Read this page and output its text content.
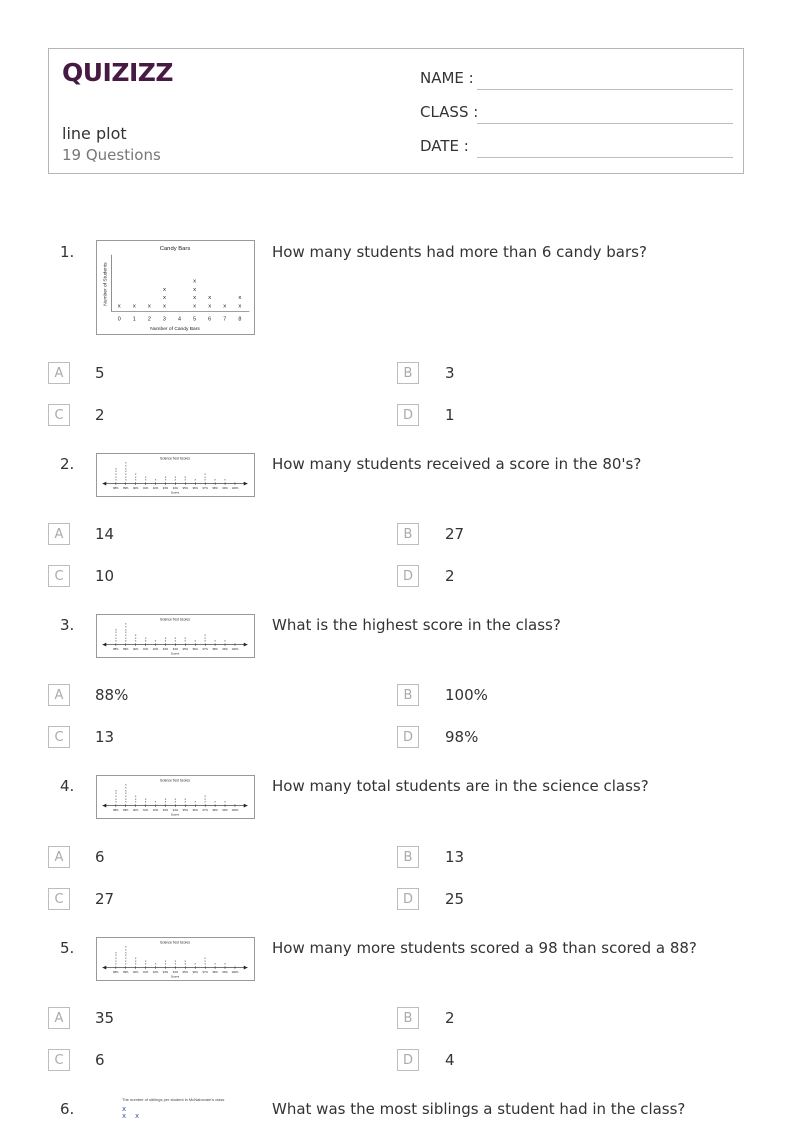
QUIZIZZ
line plot
19 Questions
NAME :
CLASS :
DATE :
1.	How many students had more than 6 candy bars?
Candy Bars
Number of Students
0
x
1
x
2
x
3
x
x
x
4 5
x
x
x
x
6
x
x
7
x
8
x
x
Number of Candy Bars
A	5	B	3
C	2	D	1
2.	How many students received a score in the 80's?
Science Test Scores
88%
x
x
x
x
x
89%
x
x
x
x
x
x
x
90%
x
x
x
91%
x
x
92%
x
93%
x
x
94%
x
x
95%
x
x
96%
x
97%
x
x
x
98%
x
99%
x
100%
Scores
A	14	B	27
C	10	D	2
3.	What is the highest score in the class?
Science Test Scores
88%
x
x
x
x
x
89%
x
x
x
x
x
x
x
90%
x
x
x
91%
x
x
92%
x
93%
x
x
94%
x
x
95%
x
x
96%
x
97%
x
x
x
98%
x
99%
x
100%
Scores
A	88%	B	100%
C	13	D	98%
4.	How many total students are in the science class?
Science Test Scores
88%
x
x
x
x
x
89%
x
x
x
x
x
x
x
90%
x
x
x
91%
x
x
92%
x
93%
x
x
94%
x
x
95%
x
x
96%
x
97%
x
x
x
98%
x
99%
x
100%
Scores
A	6	B	13
C	27	D	25
5.	How many more students scored a 98 than scored a 88?
Science Test Scores
88%
x
x
x
x
x
89%
x
x
x
x
x
x
x
90%
x
x
x
91%
x
x
92%
x
93%
x
x
94%
x
x
95%
x
x
96%
x
97%
x
x
x
98%
x
99%
x
100%
Scores
A	35	B	2
C	6	D	4
6.	What was the most siblings a student had in the class?
The number of siblings per student in McNabovam's class
x
x x
